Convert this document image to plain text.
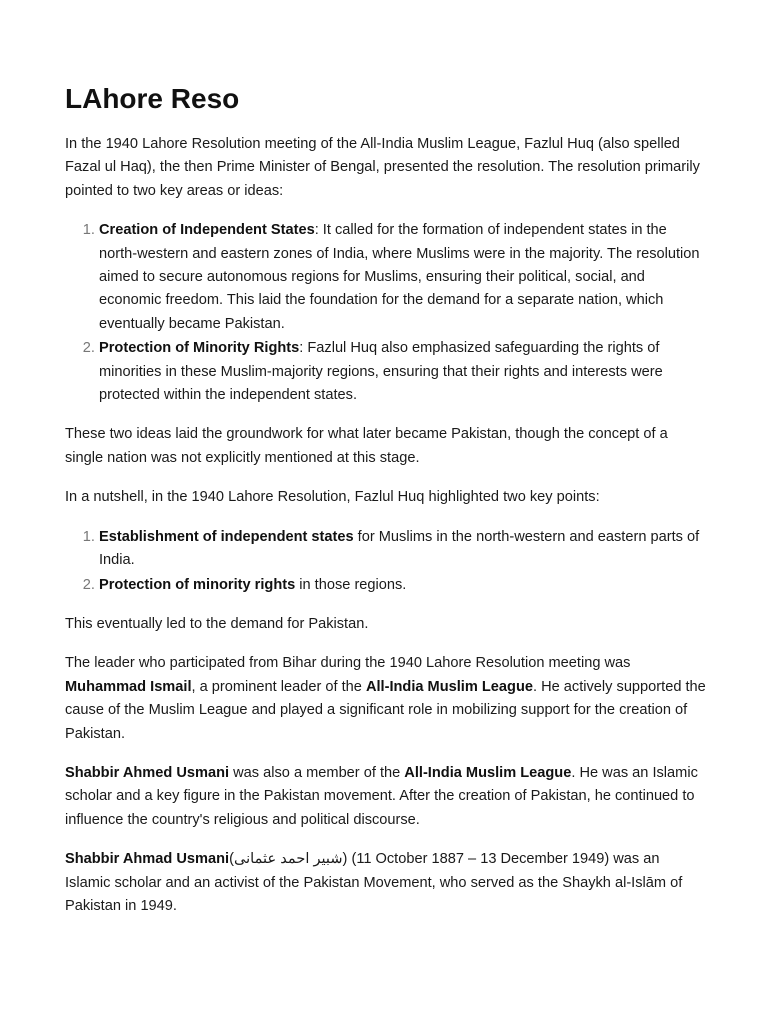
LAhore Reso

In the 1940 Lahore Resolution meeting of the All-India Muslim League, Fazlul Huq (also spelled Fazal ul Haq), the then Prime Minister of Bengal, presented the resolution. The resolution primarily pointed to two key areas or ideas:

1. Creation of Independent States: It called for the formation of independent states in the north-western and eastern zones of India, where Muslims were in the majority. The resolution aimed to secure autonomous regions for Muslims, ensuring their political, social, and economic freedom. This laid the foundation for the demand for a separate nation, which eventually became Pakistan.
2. Protection of Minority Rights: Fazlul Huq also emphasized safeguarding the rights of minorities in these Muslim-majority regions, ensuring that their rights and interests were protected within the independent states.

These two ideas laid the groundwork for what later became Pakistan, though the concept of a single nation was not explicitly mentioned at this stage.

In a nutshell, in the 1940 Lahore Resolution, Fazlul Huq highlighted two key points:

1. Establishment of independent states for Muslims in the north-western and eastern parts of India.
2. Protection of minority rights in those regions.

This eventually led to the demand for Pakistan.

The leader who participated from Bihar during the 1940 Lahore Resolution meeting was Muhammad Ismail, a prominent leader of the All-India Muslim League. He actively supported the cause of the Muslim League and played a significant role in mobilizing support for the creation of Pakistan.

Shabbir Ahmed Usmani was also a member of the All-India Muslim League. He was an Islamic scholar and a key figure in the Pakistan movement. After the creation of Pakistan, he continued to influence the country's religious and political discourse.

Shabbir Ahmad Usmani(شبیر احمد عثمانی) (11 October 1887 – 13 December 1949) was an Islamic scholar and an activist of the Pakistan Movement, who served as the Shaykh al-Islām of Pakistan in 1949.
